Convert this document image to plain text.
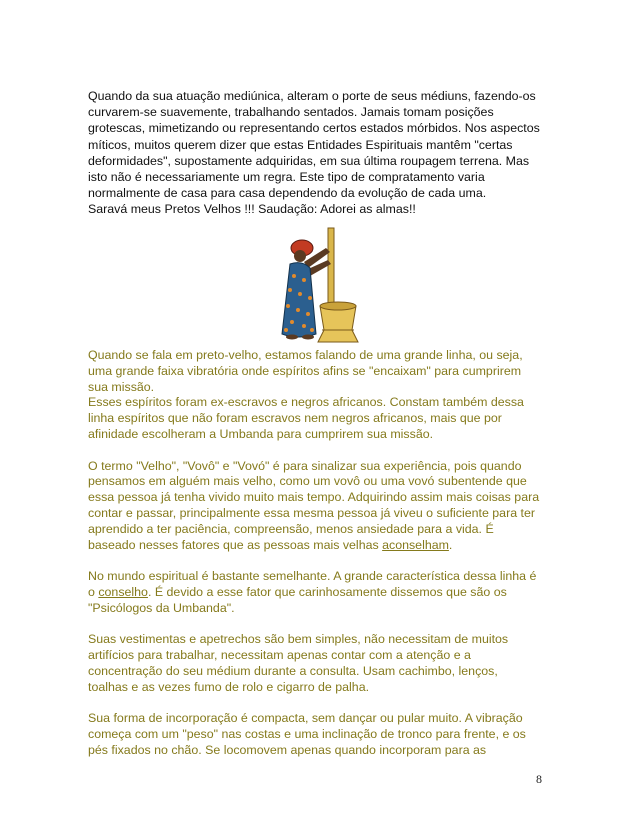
Quando da sua atuação mediúnica, alteram o porte de seus médiuns, fazendo-os
curvarem-se suavemente, trabalhando sentados. Jamais tomam posições
grotescas, mimetizando ou representando certos estados mórbidos. Nos aspectos
míticos, muitos querem dizer que estas Entidades Espirituais mantêm "certas
deformidades", supostamente adquiridas, em sua última roupagem terrena. Mas
isto não é necessariamente um regra. Este tipo de compratamento varia
normalmente de casa para casa dependendo da evolução de cada uma.
Saravá meus Pretos Velhos !!! Saudação: Adorei as almas!!

Quando se fala em preto-velho, estamos falando de uma grande linha, ou seja,
uma grande faixa vibratória onde espíritos afins se "encaixam" para cumprirem
sua missão.
Esses espíritos foram ex-escravos e negros africanos. Constam também dessa
linha espíritos que não foram escravos nem negros africanos, mais que por
afinidade escolheram a Umbanda para cumprirem sua missão.

O termo "Velho", "Vovô" e "Vovó" é para sinalizar sua experiência, pois quando
pensamos em alguém mais velho, como um vovô ou uma vovó subentende que
essa pessoa já tenha vivido muito mais tempo. Adquirindo assim mais coisas para
contar e passar, principalmente essa mesma pessoa já viveu o suficiente para ter
aprendido a ter paciência, compreensão, menos ansiedade para a vida. É
baseado nesses fatores que as pessoas mais velhas aconselham.

No mundo espiritual é bastante semelhante. A grande característica dessa linha é
o conselho. É devido a esse fator que carinhosamente dissemos que são os
"Psicólogos da Umbanda".

Suas vestimentas e apetrechos são bem simples, não necessitam de muitos
artifícios para trabalhar, necessitam apenas contar com a atenção e a
concentração do seu médium durante a consulta. Usam cachimbo, lenços,
toalhas e as vezes fumo de rolo e cigarro de palha.

Sua forma de incorporação é compacta, sem dançar ou pular muito. A vibração
começa com um "peso" nas costas e uma inclinação de tronco para frente, e os
pés fixados no chão. Se locomovem apenas quando incorporam para as

8
